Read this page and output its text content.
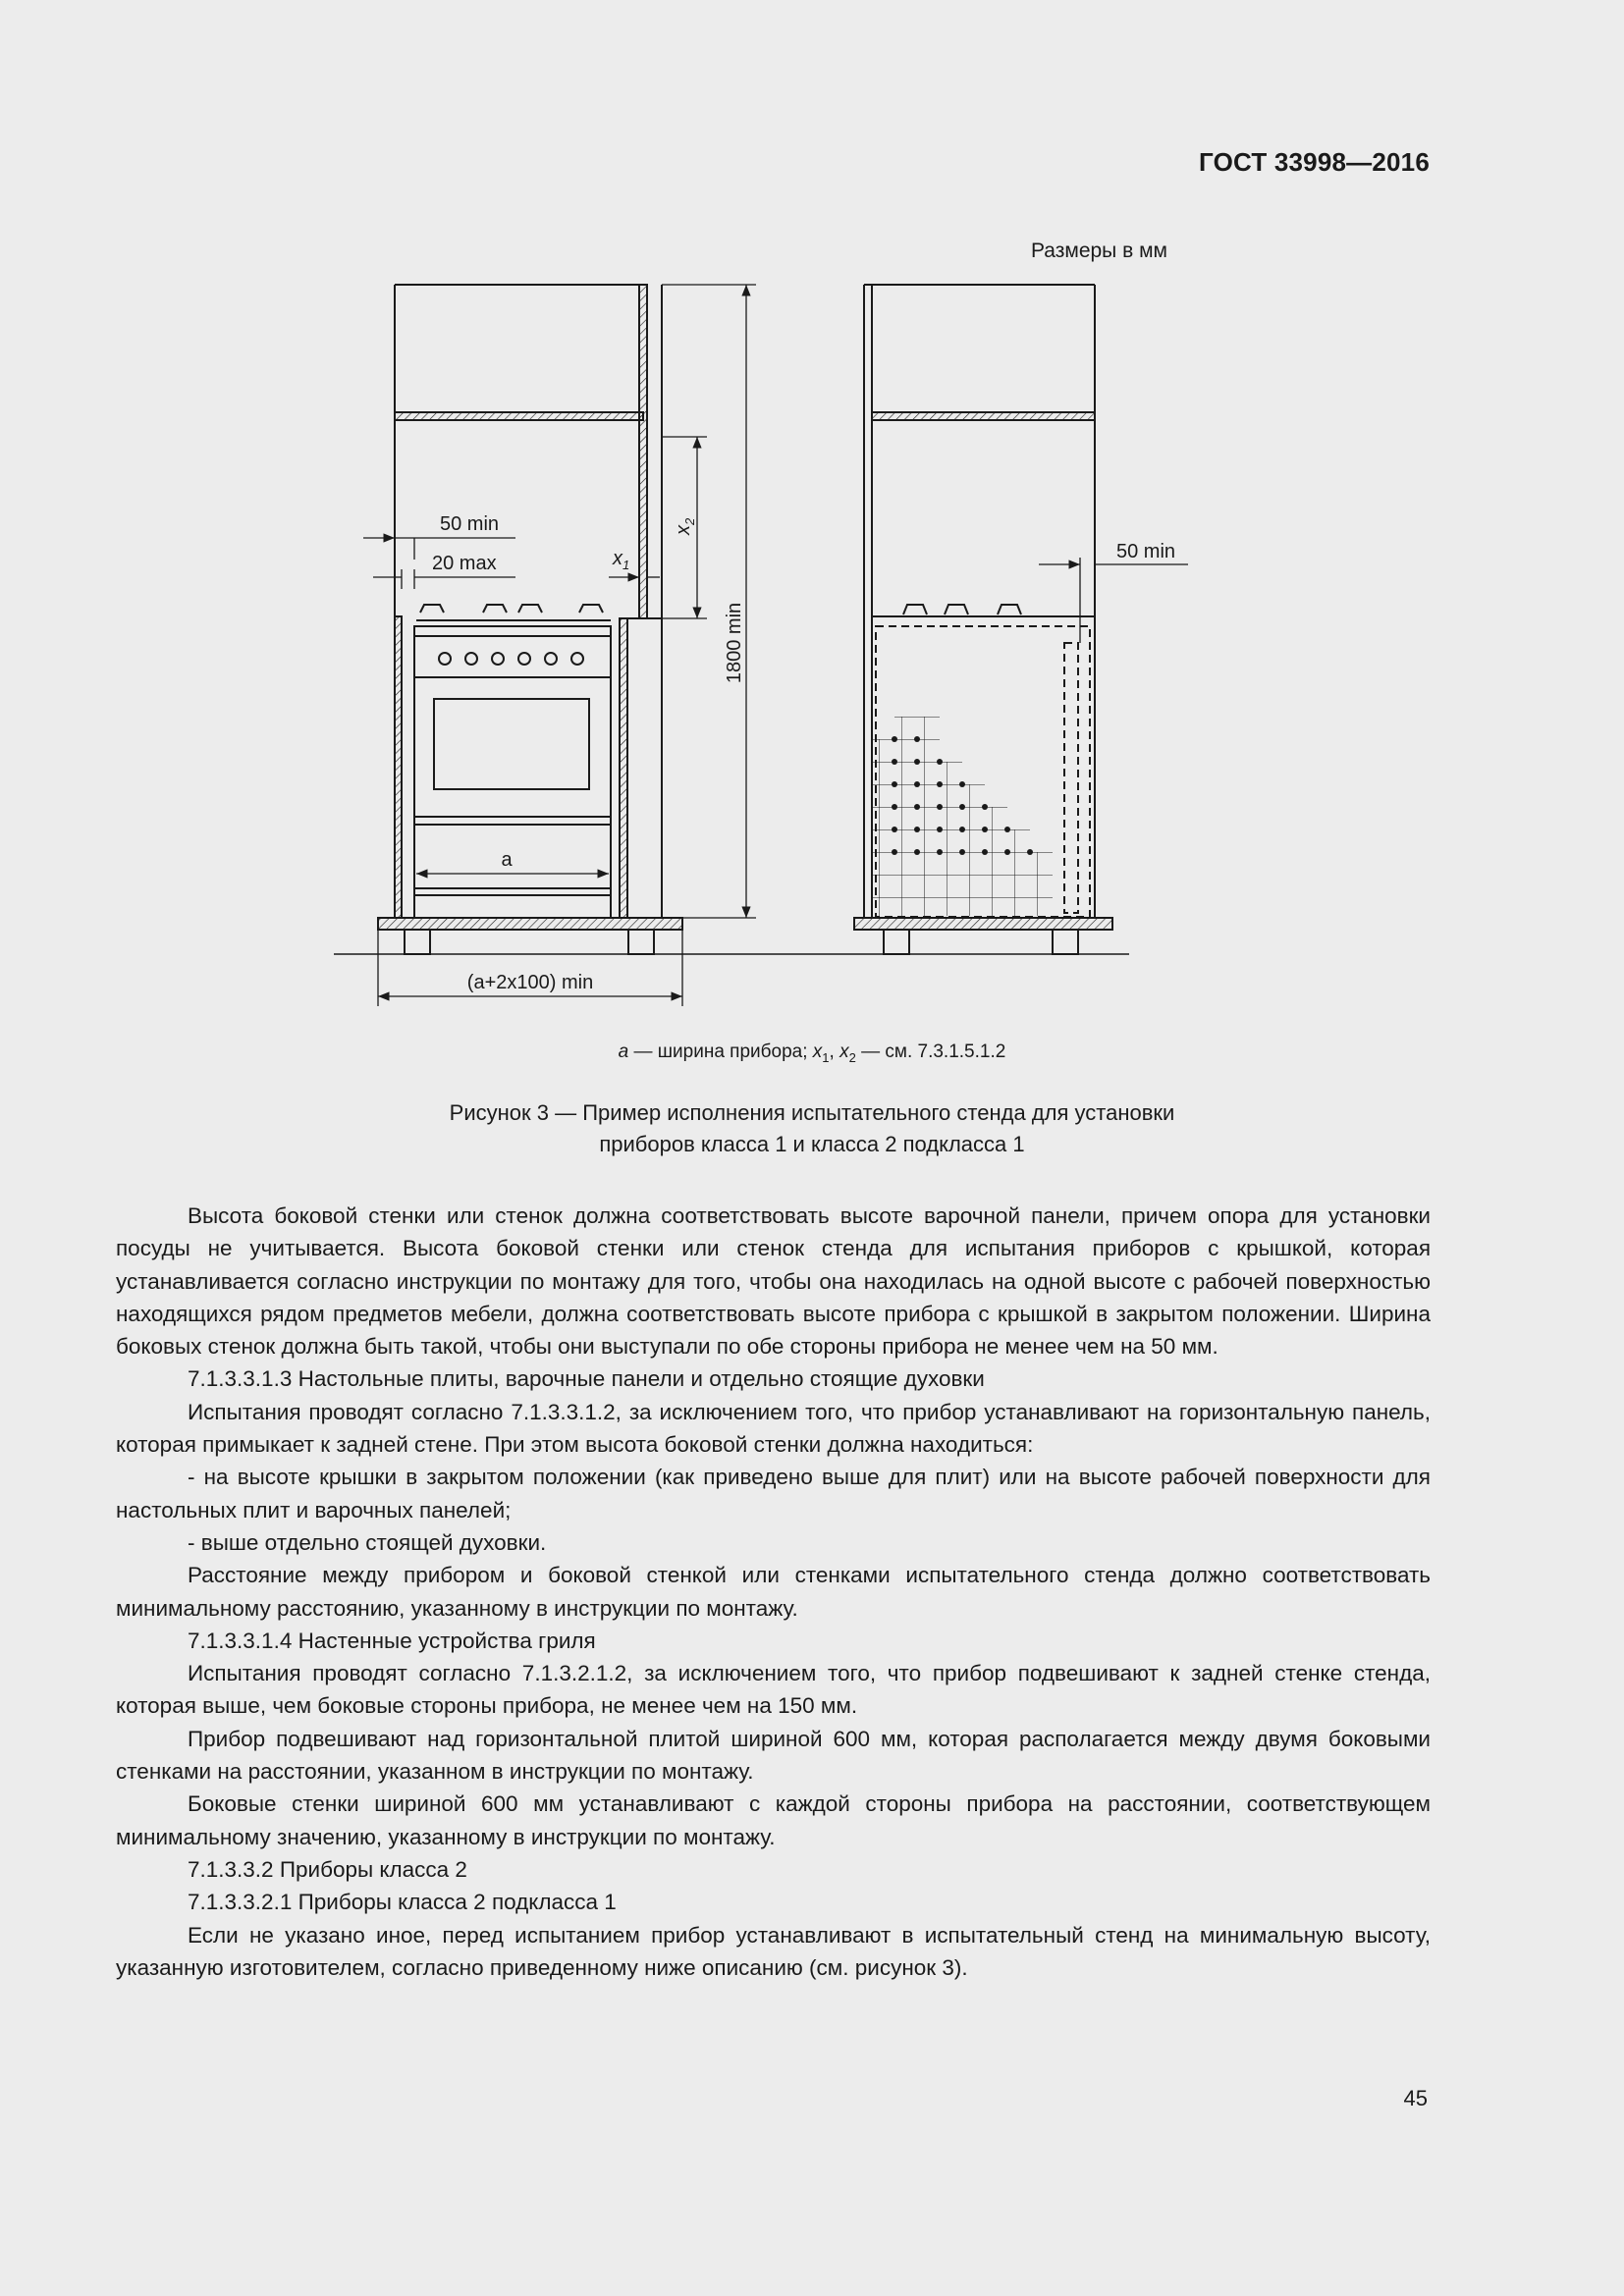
ГОСТ 33998—2016
Размеры в мм
50 min
20 max	$x_1$
$x_2$
1800 min
a
(a+2x100) min
50 min
a — ширина прибора; $x_1$, $x_2$ — см. 7.3.1.5.1.2
Рисунок 3 — Пример исполнения испытательного стенда для установки
приборов класса 1 и класса 2 подкласса 1

Высота боковой стенки или стенок должна соответствовать высоте варочной панели, причем опора для установки посуды не учитывается. Высота боковой стенки или стенок стенда для испытания приборов с крышкой, которая устанавливается согласно инструкции по монтажу для того, чтобы она находилась на одной высоте с рабочей поверхностью находящихся рядом предметов мебели, должна соответствовать высоте прибора с крышкой в закрытом положении. Ширина боковых стенок должна быть такой, чтобы они выступали по обе стороны прибора не менее чем на 50 мм.

7.1.3.3.1.3 Настольные плиты, варочные панели и отдельно стоящие духовки

Испытания проводят согласно 7.1.3.3.1.2, за исключением того, что прибор устанавливают на горизонтальную панель, которая примыкает к задней стене. При этом высота боковой стенки должна находиться:

- на высоте крышки в закрытом положении (как приведено выше для плит) или на высоте рабочей поверхности для настольных плит и варочных панелей;

- выше отдельно стоящей духовки.

Расстояние между прибором и боковой стенкой или стенками испытательного стенда должно соответствовать минимальному расстоянию, указанному в инструкции по монтажу.

7.1.3.3.1.4 Настенные устройства гриля

Испытания проводят согласно 7.1.3.2.1.2, за исключением того, что прибор подвешивают к задней стенке стенда, которая выше, чем боковые стороны прибора, не менее чем на 150 мм.

Прибор подвешивают над горизонтальной плитой шириной 600 мм, которая располагается между двумя боковыми стенками на расстоянии, указанном в инструкции по монтажу.

Боковые стенки шириной 600 мм устанавливают с каждой стороны прибора на расстоянии, соответствующем минимальному значению, указанному в инструкции по монтажу.

7.1.3.3.2 Приборы класса 2

7.1.3.3.2.1 Приборы класса 2 подкласса 1

Если не указано иное, перед испытанием прибор устанавливают в испытательный стенд на минимальную высоту, указанную изготовителем, согласно приведенному ниже описанию (см. рисунок 3).

45
